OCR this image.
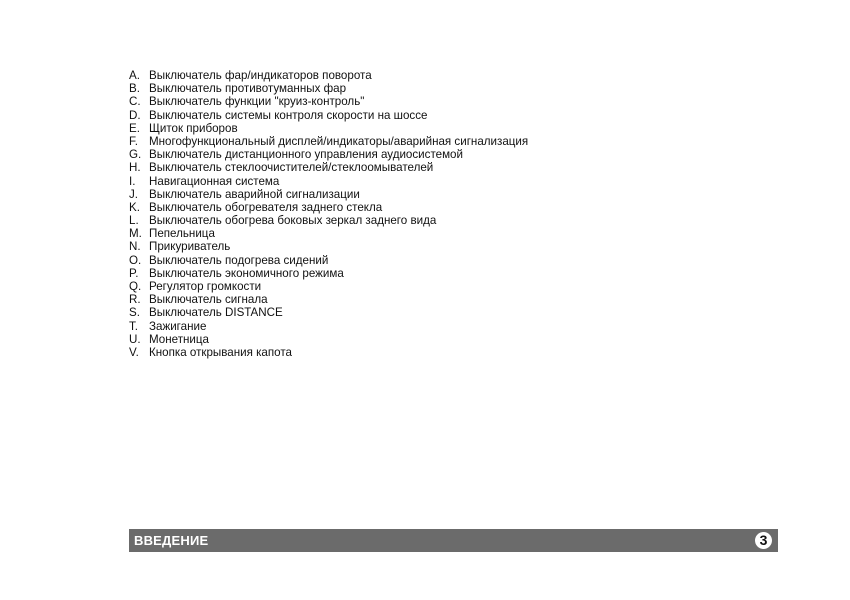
A. Выключатель фар/индикаторов поворота
B. Выключатель противотуманных фар
C. Выключатель функции "круиз-контроль"
D. Выключатель системы контроля скорости на шоссе
E. Щиток приборов
F. Многофункциональный дисплей/индикаторы/аварийная сигнализация
G. Выключатель дистанционного управления аудиосистемой
H. Выключатель стеклоочистителей/стеклоомывателей
I.	Навигационная система
J. Выключатель аварийной сигнализации
K. Выключатель обогревателя заднего стекла
L. Выключатель обогрева боковых зеркал заднего вида
M. Пепельница
N. Прикуриватель
O. Выключатель подогрева сидений
P. Выключатель экономичного режима
Q. Регулятор громкости
R. Выключатель сигнала
S. Выключатель DISTANCE
T. Зажигание
U. Монетница
V. Кнопка открывания капота
ВВЕДЕНИЕ	3
